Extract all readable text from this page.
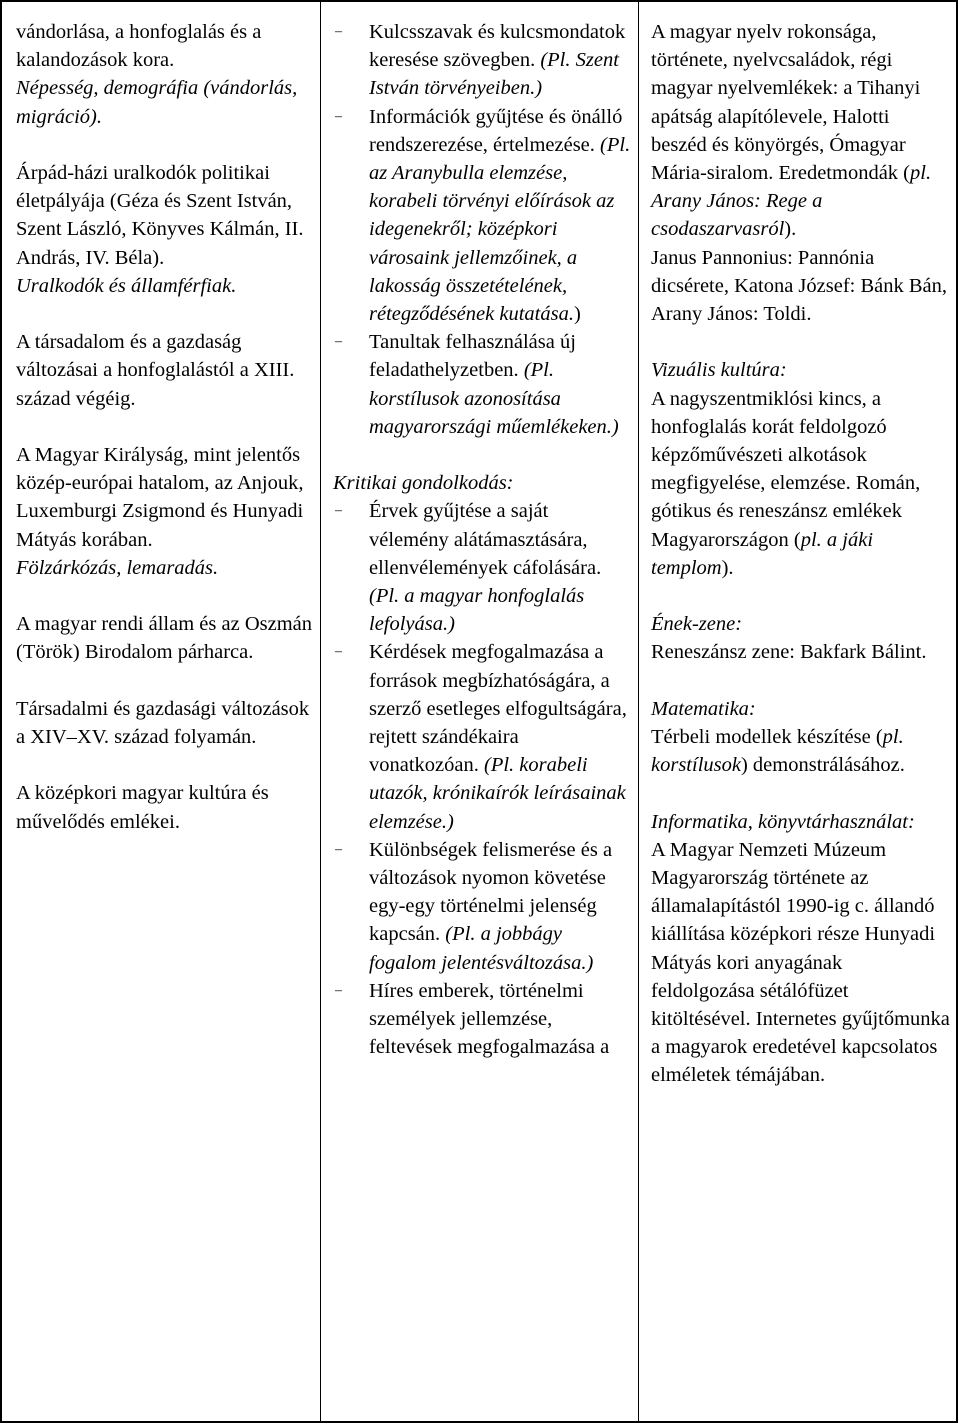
vándorlása, a honfoglalás és a kalandozások kora.

Népesség, demográfia (vándorlás, migráció).

Árpád-házi uralkodók politikai életpályája (Géza és Szent István, Szent László, Könyves Kálmán, II. András, IV. Béla).

Uralkodók és államférfiak.

A társadalom és a gazdaság változásai a honfoglalástól a XIII. század végéig.

A Magyar Királyság, mint jelentős közép-európai hatalom, az Anjouk, Luxemburgi Zsigmond és Hunyadi Mátyás korában.

Fölzárkózás, lemaradás.

A magyar rendi állam és az Oszmán (Török) Birodalom párharca.

Társadalmi és gazdasági változások a XIV–XV. század folyamán.

A középkori magyar kultúra és művelődés emlékei.

– Kulcsszavak és kulcsmondatok keresése szövegben. (Pl. Szent István törvényeiben.)

– Információk gyűjtése és önálló rendszerezése, értelmezése. (Pl. az Aranybulla elemzése, korabeli törvényi előírások az idegenekről; középkori városaink jellemzőinek, a lakosság összetételének, rétegződésének kutatása.)

– Tanultak felhasználása új feladathelyzetben. (Pl. korstílusok azonosítása magyarországi műemlékeken.)

Kritikai gondolkodás:

– Érvek gyűjtése a saját vélemény alátámasztására, ellenvélemények cáfolására. (Pl. a magyar honfoglalás lefolyása.)

– Kérdések megfogalmazása a források megbízhatóságára, a szerző esetleges elfogultságára, rejtett szándékaira vonatkozóan. (Pl. korabeli utazók, krónikaírók leírásainak elemzése.)

– Különbségek felismerése és a változások nyomon követése egy-egy történelmi jelenség kapcsán. (Pl. a jobbágy fogalom jelentésváltozása.)

– Híres emberek, történelmi személyek jellemzése, feltevések megfogalmazása a

A magyar nyelv rokonsága, története, nyelvcsaládok, régi magyar nyelvemlékek: a Tihanyi apátság alapítólevele, Halotti beszéd és könyörgés, Ómagyar Mária-siralom. Eredetmondák (pl. Arany János: Rege a csodaszarvasról).

Janus Pannonius: Pannónia dicsérete, Katona József: Bánk Bán, Arany János: Toldi.

Vizuális kultúra:

A nagyszentmiklósi kincs, a honfoglalás korát feldolgozó képzőművészeti alkotások megfigyelése, elemzése. Román, gótikus és reneszánsz emlékek Magyarországon (pl. a jáki templom).

Ének-zene:

Reneszánsz zene: Bakfark Bálint.

Matematika:

Térbeli modellek készítése (pl. korstílusok) demonstrálásához.

Informatika, könyvtárhasználat:

A Magyar Nemzeti Múzeum Magyarország története az államalapítástól 1990-ig c. állandó kiállítása középkori része Hunyadi Mátyás kori anyagának feldolgozása sétálófüzet kitöltésével. Internetes gyűjtőmunka a magyarok eredetével kapcsolatos elméletek témájában.
